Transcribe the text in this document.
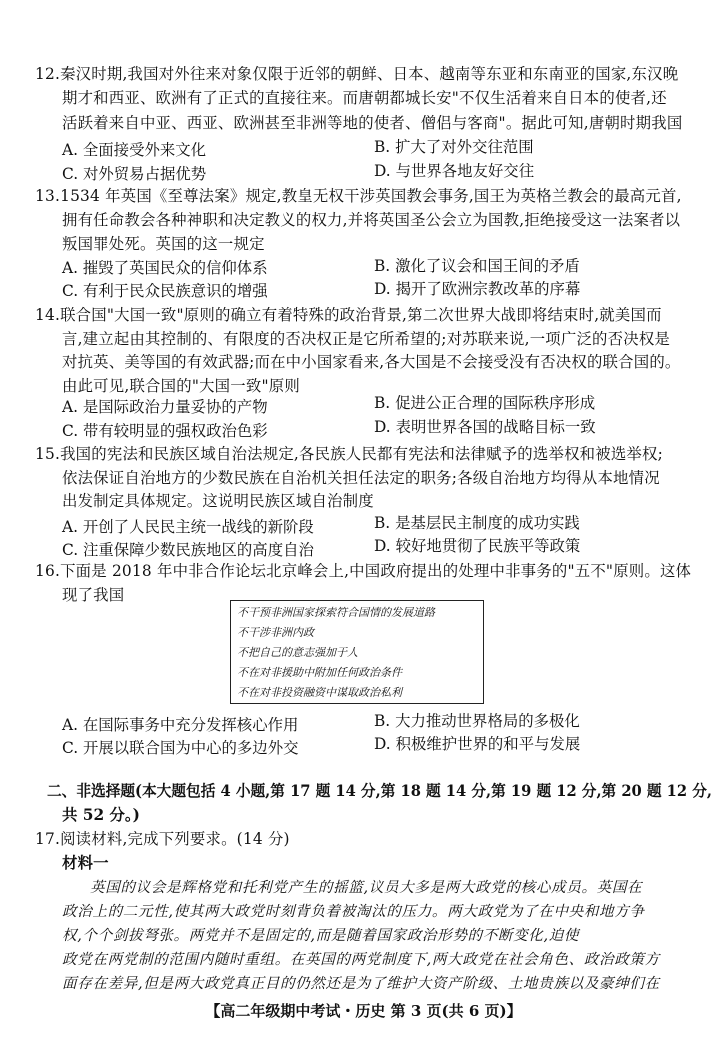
12.秦汉时期,我国对外往来对象仅限于近邻的朝鲜、日本、越南等东亚和东南亚的国家,东汉晚
期才和西亚、欧洲有了正式的直接往来。而唐朝都城长安"不仅生活着来自日本的使者,还
活跃着来自中亚、西亚、欧洲甚至非洲等地的使者、僧侣与客商"。据此可知,唐朝时期我国
A. 全面接受外来文化	B. 扩大了对外交往范围
C. 对外贸易占据优势	D. 与世界各地友好交往
13.1534 年英国《至尊法案》规定,教皇无权干涉英国教会事务,国王为英格兰教会的最高元首,
拥有任命教会各种神职和决定教义的权力,并将英国圣公会立为国教,拒绝接受这一法案者以
叛国罪处死。英国的这一规定
A. 摧毁了英国民众的信仰体系	B. 激化了议会和国王间的矛盾
C. 有利于民众民族意识的增强	D. 揭开了欧洲宗教改革的序幕
14.联合国"大国一致"原则的确立有着特殊的政治背景,第二次世界大战即将结束时,就美国而
言,建立起由其控制的、有限度的否决权正是它所希望的;对苏联来说,一项广泛的否决权是
对抗英、美等国的有效武器;而在中小国家看来,各大国是不会接受没有否决权的联合国的。
由此可见,联合国的"大国一致"原则
A. 是国际政治力量妥协的产物	B. 促进公正合理的国际秩序形成
C. 带有较明显的强权政治色彩	D. 表明世界各国的战略目标一致
15.我国的宪法和民族区域自治法规定,各民族人民都有宪法和法律赋予的选举权和被选举权;
依法保证自治地方的少数民族在自治机关担任法定的职务;各级自治地方均得从本地情况
出发制定具体规定。这说明民族区域自治制度
A. 开创了人民民主统一战线的新阶段	B. 是基层民主制度的成功实践
C. 注重保障少数民族地区的高度自治	D. 较好地贯彻了民族平等政策
16.下面是 2018 年中非合作论坛北京峰会上,中国政府提出的处理中非事务的"五不"原则。这体
现了我国
不干预非洲国家探索符合国情的发展道路
不干涉非洲内政
不把自己的意志强加于人
不在对非援助中附加任何政治条件
不在对非投资融资中谋取政治私利
A. 在国际事务中充分发挥核心作用	B. 大力推动世界格局的多极化
C. 开展以联合国为中心的多边外交	D. 积极维护世界的和平与发展
二、非选择题(本大题包括 4 小题,第 17 题 14 分,第 18 题 14 分,第 19 题 12 分,第 20 题 12 分,
共 52 分。)
17.阅读材料,完成下列要求。(14 分)
材料一
英国的议会是辉格党和托利党产生的摇篮,议员大多是两大政党的核心成员。英国在
政治上的二元性,使其两大政党时刻背负着被淘汰的压力。两大政党为了在中央和地方争
权,个个剑拔弩张。两党并不是固定的,而是随着国家政治形势的不断变化,迫使
政党在两党制的范围内随时重组。在英国的两党制度下,两大政党在社会角色、政治政策方
面存在差异,但是两大政党真正目的仍然还是为了维护大资产阶级、土地贵族以及豪绅们在
【高二年级期中考试・历史 第 3 页(共 6 页)】
